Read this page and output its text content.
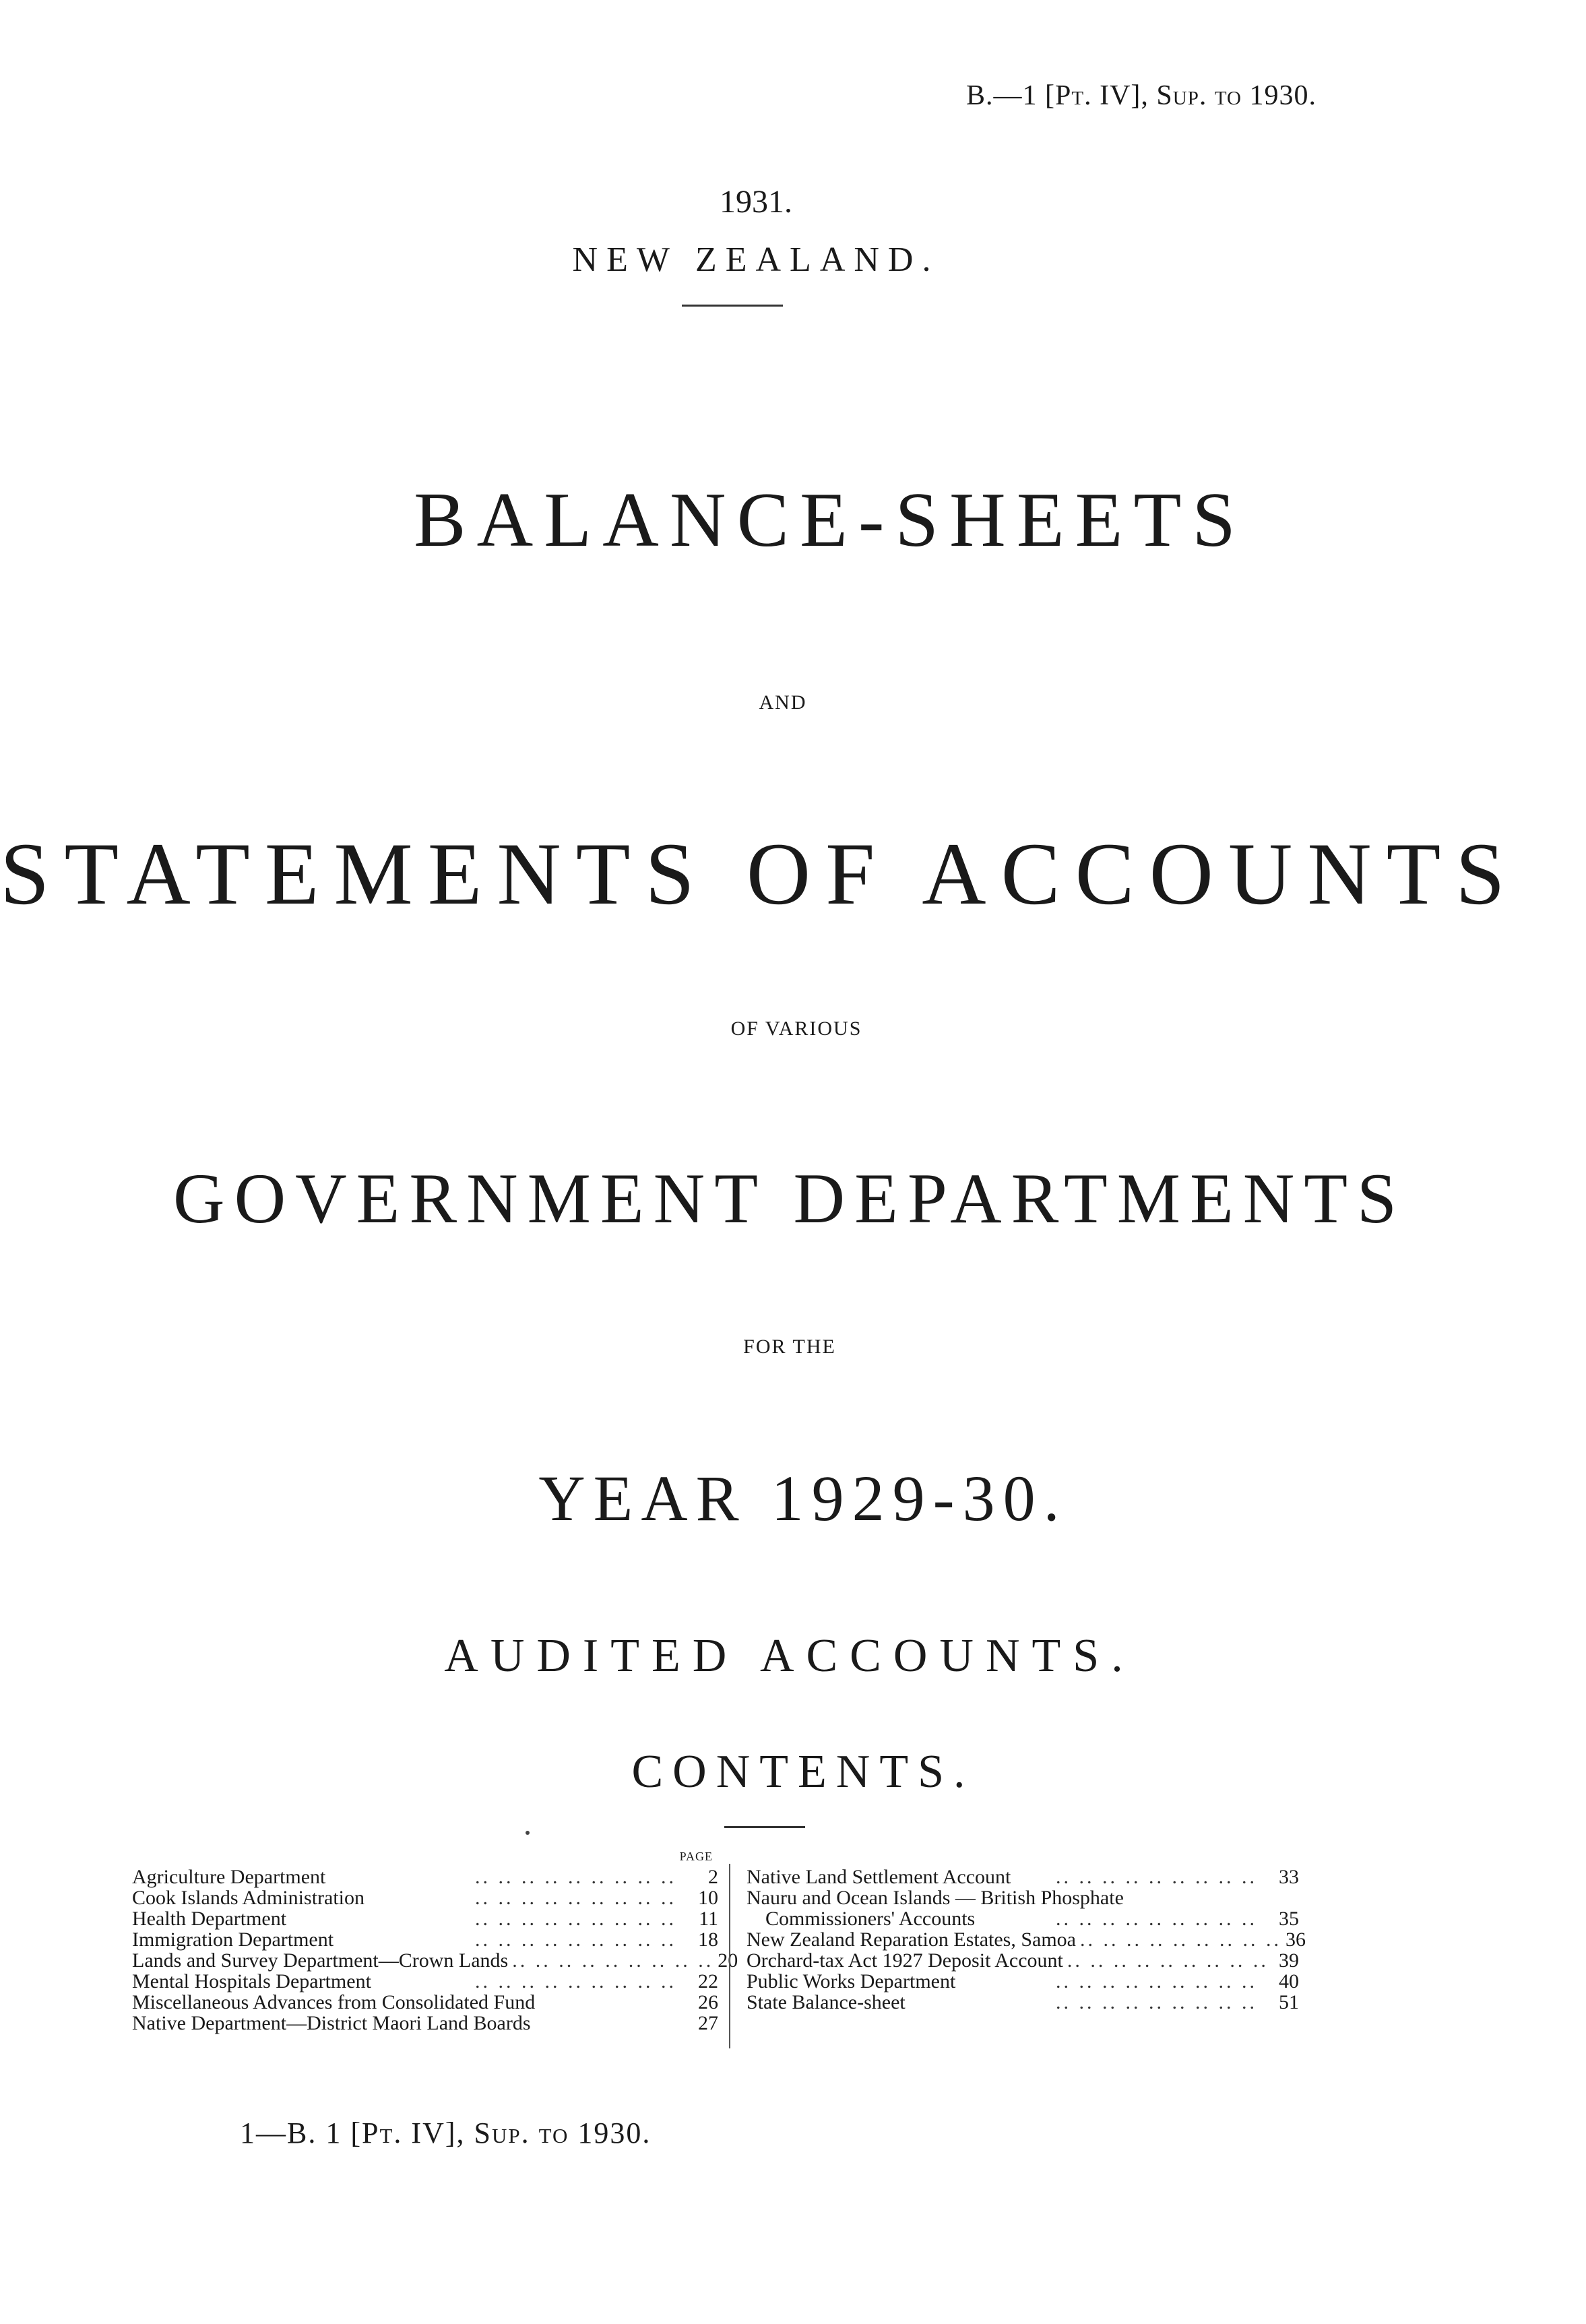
B.—1 [Pt. IV], Sup. to 1930.
1931.
NEW ZEALAND.
BALANCE-SHEETS
AND
STATEMENTS OF ACCOUNTS
OF VARIOUS
GOVERNMENT DEPARTMENTS
FOR THE
YEAR 1929-30.
AUDITED ACCOUNTS.
CONTENTS.
PAGE
Agriculture Department	.. .. .. .. .. .. .. .. ..	2
Cook Islands Administration	.. .. .. .. .. .. .. .. ..	10
Health Department	.. .. .. .. .. .. .. .. ..	11
Immigration Department	.. .. .. .. .. .. .. .. ..	18
Lands and Survey Department—Crown Lands .. .. .. .. .. .. .. .. .. 20
Mental Hospitals Department	.. .. .. .. .. .. .. .. ..	22
Miscellaneous Advances from Consolidated Fund	26
Native Department—District Maori Land Boards	27
Native Land Settlement Account	.. .. .. .. .. .. .. .. ..	33
Nauru and Ocean Islands — British Phosphate
Commissioners' Accounts	.. .. .. .. .. .. .. .. ..	35
New Zealand Reparation Estates, Samoa .. .. .. .. .. .. .. .. .. 36
Orchard-tax Act 1927 Deposit Account .. .. .. .. .. .. .. .. .. 39
Public Works Department	.. .. .. .. .. .. .. .. ..	40
State Balance-sheet	.. .. .. .. .. .. .. .. ..	51
1—B. 1 [Pt. IV], Sup. to 1930.
